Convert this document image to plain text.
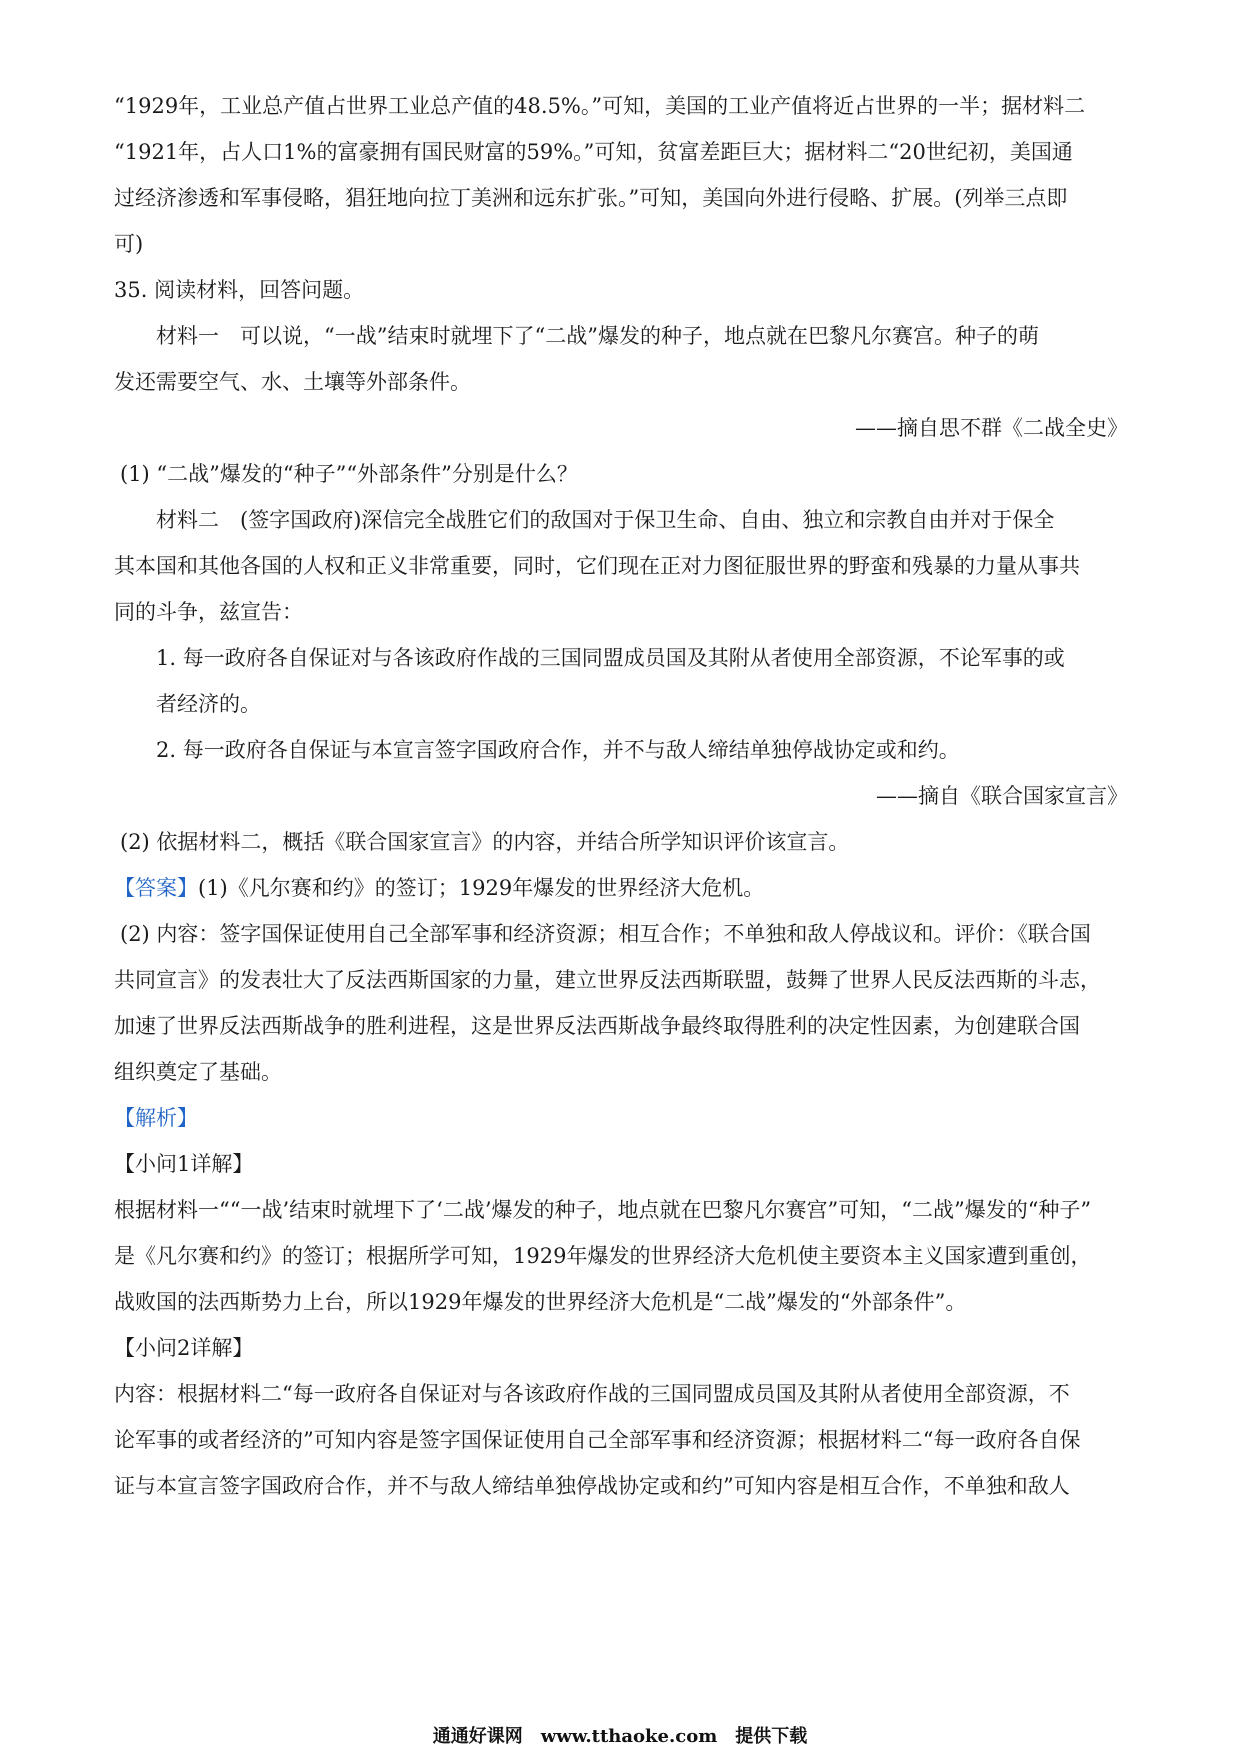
“1929年，工业总产值占世界工业总产值的48.5%。”可知，美国的工业产值将近占世界的一半；据材料二
“1921年，占人口1%的富豪拥有国民财富的59%。”可知，贫富差距巨大；据材料二“20世纪初，美国通
过经济渗透和军事侵略，猖狂地向拉丁美洲和远东扩张。”可知，美国向外进行侵略、扩展。(列举三点即
可)
35. 阅读材料，回答问题。
材料一　可以说，“一战”结束时就埋下了“二战”爆发的种子，地点就在巴黎凡尔赛宫。种子的萌
发还需要空气、水、土壤等外部条件。
——摘自思不群《二战全史》
(1) “二战”爆发的“种子”“外部条件”分别是什么？
材料二　(签字国政府)深信完全战胜它们的敌国对于保卫生命、自由、独立和宗教自由并对于保全
其本国和其他各国的人权和正义非常重要，同时，它们现在正对力图征服世界的野蛮和残暴的力量从事共
同的斗争，兹宣告：
1. 每一政府各自保证对与各该政府作战的三国同盟成员国及其附从者使用全部资源，不论军事的或
者经济的。
2. 每一政府各自保证与本宣言签字国政府合作，并不与敌人缔结单独停战协定或和约。
——摘自《联合国家宣言》
(2) 依据材料二，概括《联合国家宣言》的内容，并结合所学知识评价该宣言。
【答案】(1)《凡尔赛和约》的签订；1929年爆发的世界经济大危机。
(2) 内容：签字国保证使用自己全部军事和经济资源；相互合作；不单独和敌人停战议和。评价：《联合国
共同宣言》的发表壮大了反法西斯国家的力量，建立世界反法西斯联盟，鼓舞了世界人民反法西斯的斗志，
加速了世界反法西斯战争的胜利进程，这是世界反法西斯战争最终取得胜利的决定性因素，为创建联合国
组织奠定了基础。
【解析】
【小问1详解】
根据材料一““一战’结束时就埋下了‘二战’爆发的种子，地点就在巴黎凡尔赛宫”可知，“二战”爆发的“种子”
是《凡尔赛和约》的签订；根据所学可知，1929年爆发的世界经济大危机使主要资本主义国家遭到重创，
战败国的法西斯势力上台，所以1929年爆发的世界经济大危机是“二战”爆发的“外部条件”。
【小问2详解】
内容：根据材料二“每一政府各自保证对与各该政府作战的三国同盟成员国及其附从者使用全部资源，不
论军事的或者经济的”可知内容是签字国保证使用自己全部军事和经济资源；根据材料二“每一政府各自保
证与本宣言签字国政府合作，并不与敌人缔结单独停战协定或和约”可知内容是相互合作，不单独和敌人
通通好课网　www.tthaoke.com　提供下载
